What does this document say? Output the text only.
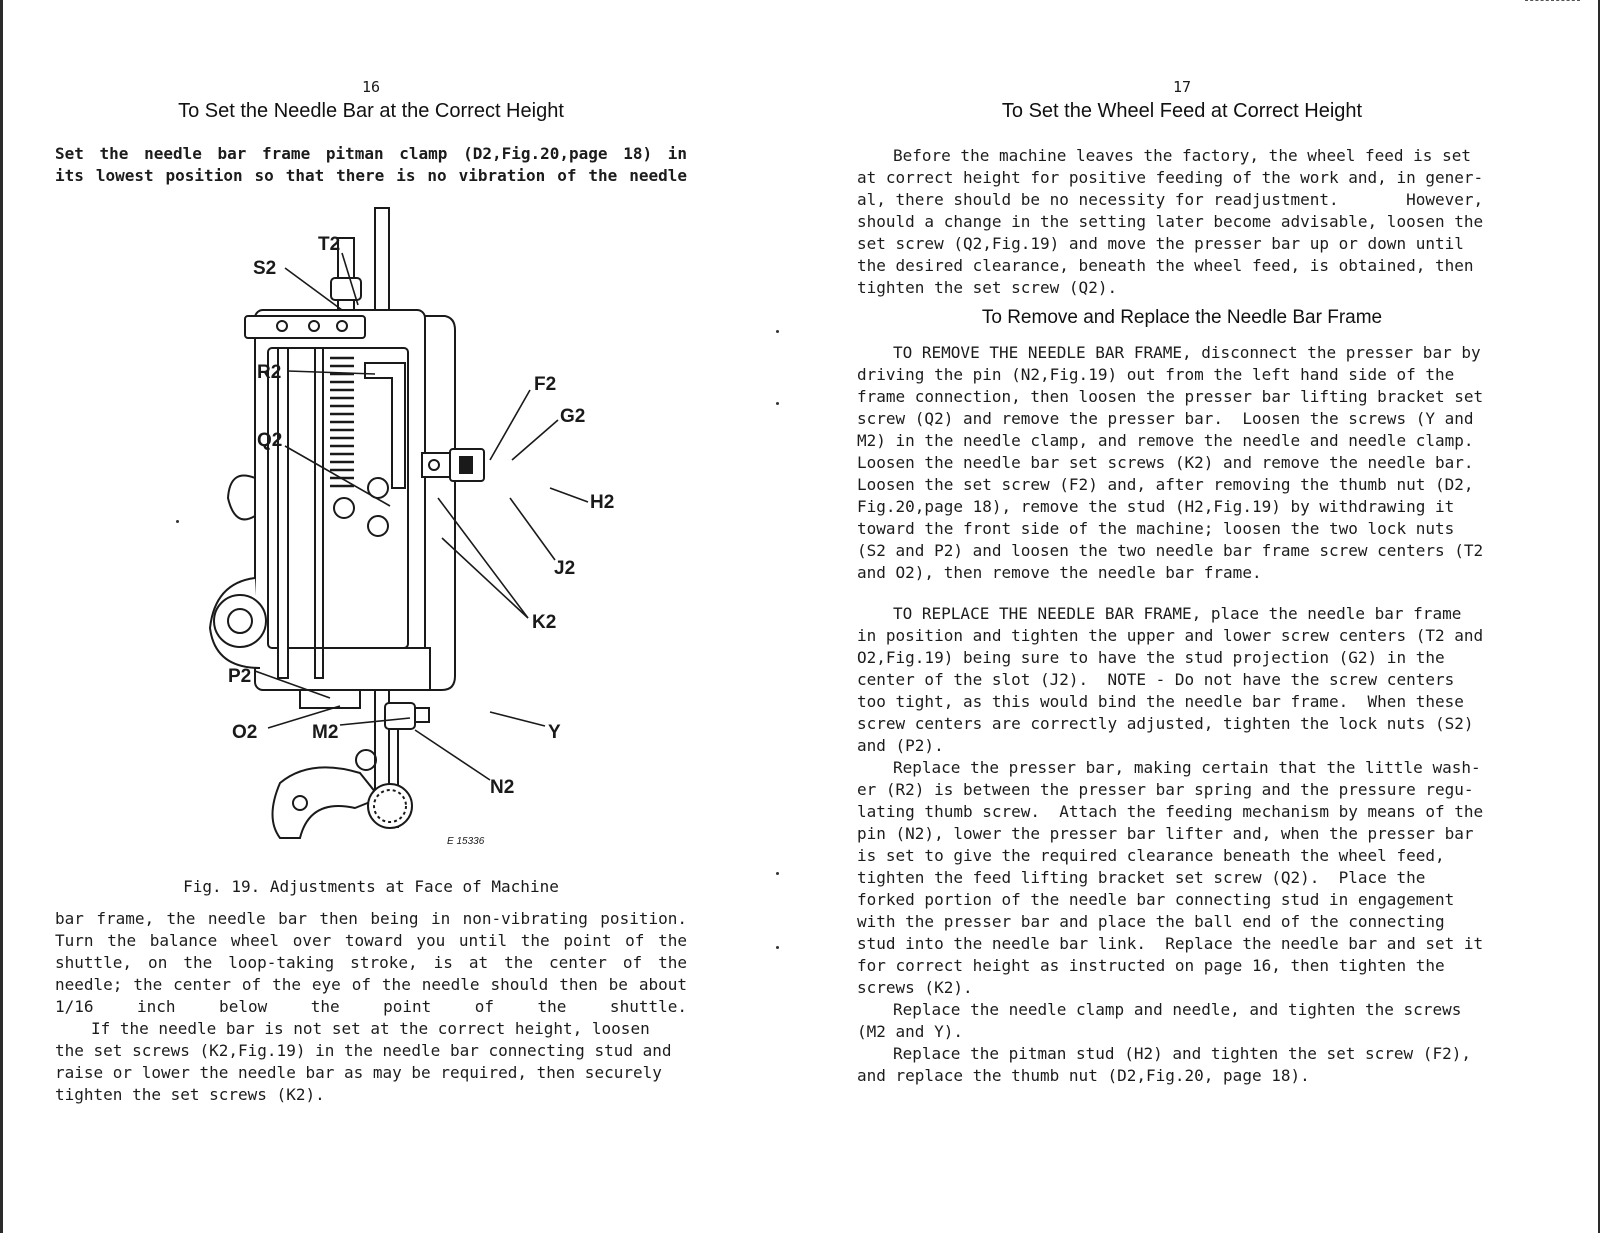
16
To Set the Needle Bar at the Correct Height
Set the needle bar frame pitman clamp (D2,Fig.20,page 18) in
its lowest position so that there is no vibration of the needle
T2
S2
R2
Q2
F2
G2
H2
J2
K2
P2
O2	M2	Y
N2
E 15336
Fig. 19. Adjustments at Face of Machine
bar frame, the needle bar then being in non-vibrating position.
Turn the balance wheel over toward you until the point of the
shuttle, on the loop-taking stroke, is at the center of the
needle; the center of the eye of the needle should then be about
1/16 inch below the point of the shuttle.
If the needle bar is not set at the correct height, loosen
the set screws (K2,Fig.19) in the needle bar connecting stud and
raise or lower the needle bar as may be required, then securely
tighten the set screws (K2).
17
To Set the Wheel Feed at Correct Height
Before the machine leaves the factory, the wheel feed is set
at correct height for positive feeding of the work and, in gener-
al, there should be no necessity for readjustment.       However,
should a change in the setting later become advisable, loosen the
set screw (Q2,Fig.19) and move the presser bar up or down until
the desired clearance, beneath the wheel feed, is obtained, then
tighten the set screw (Q2).
To Remove and Replace the Needle Bar Frame
TO REMOVE THE NEEDLE BAR FRAME, disconnect the presser bar by
driving the pin (N2,Fig.19) out from the left hand side of the
frame connection, then loosen the presser bar lifting bracket set
screw (Q2) and remove the presser bar.  Loosen the screws (Y and
M2) in the needle clamp, and remove the needle and needle clamp.
Loosen the needle bar set screws (K2) and remove the needle bar.
Loosen the set screw (F2) and, after removing the thumb nut (D2,
Fig.20,page 18), remove the stud (H2,Fig.19) by withdrawing it
toward the front side of the machine; loosen the two lock nuts
(S2 and P2) and loosen the two needle bar frame screw centers (T2
and O2), then remove the needle bar frame.
TO REPLACE THE NEEDLE BAR FRAME, place the needle bar frame
in position and tighten the upper and lower screw centers (T2 and
O2,Fig.19) being sure to have the stud projection (G2) in the
center of the slot (J2).  NOTE - Do not have the screw centers
too tight, as this would bind the needle bar frame.  When these
screw centers are correctly adjusted, tighten the lock nuts (S2)
and (P2).
Replace the presser bar, making certain that the little wash-
er (R2) is between the presser bar spring and the pressure regu-
lating thumb screw.  Attach the feeding mechanism by means of the
pin (N2), lower the presser bar lifter and, when the presser bar
is set to give the required clearance beneath the wheel feed,
tighten the feed lifting bracket set screw (Q2).  Place the
forked portion of the needle bar connecting stud in engagement
with the presser bar and place the ball end of the connecting
stud into the needle bar link.  Replace the needle bar and set it
for correct height as instructed on page 16, then tighten the
screws (K2).
Replace the needle clamp and needle, and tighten the screws
(M2 and Y).
Replace the pitman stud (H2) and tighten the set screw (F2),
and replace the thumb nut (D2,Fig.20, page 18).
